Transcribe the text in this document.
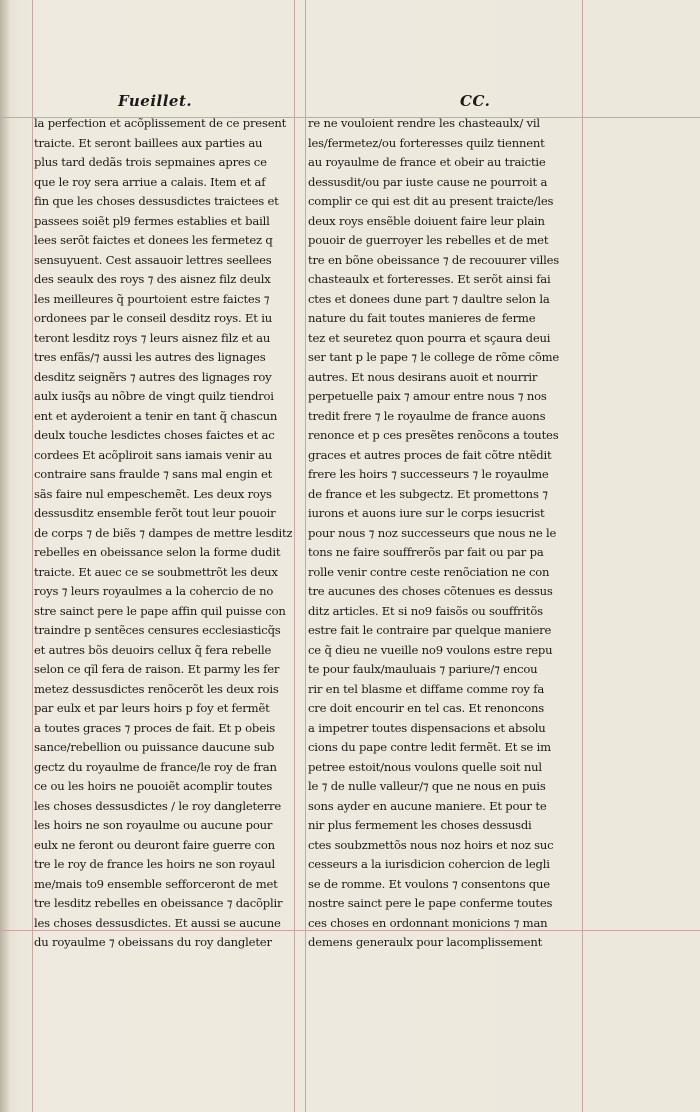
Fueillet.	CC.
la perfection et acõplissement de ce present
traicte. Et seront baillees aux parties au
plus tard dedãs trois sepmaines apres ce
que le roy sera arriue a calais. Item et af
fin que les choses dessusdictes traictees et
passees soiẽt pl9 fermes establies et baill
lees serõt faictes et donees les fermetez q
sensuyuent. Cest assauoir lettres seellees
des seaulx des roys ⁊ des aisnez filz deulx
les meilleures q̃ pourtoient estre faictes ⁊
ordonees par le conseil desditz roys. Et iu
teront lesditz roys ⁊ leurs aisnez filz et au
tres enfãs/⁊ aussi les autres des lignages
desditz seignẽrs ⁊ autres des lignages roy
aulx iusq̃s au nõbre de vingt quilz tiendroi
ent et ayderoient a tenir en tant q̃ chascun
deulx touche lesdictes choses faictes et ac
cordees Et acõpliroit sans iamais venir au
contraire sans fraulde ⁊ sans mal engin et
sãs faire nul empeschemẽt. Les deux roys
dessusditz ensemble ferõt tout leur pouoir
de corps ⁊ de biẽs ⁊ dampes de mettre lesditz
rebelles en obeissance selon la forme dudit
traicte. Et auec ce se soubmettrõt les deux
roys ⁊ leurs royaulmes a la cohercio de no
stre sainct pere le pape affin quil puisse con
traindre p sentẽces censures ecclesiasticq̃s
et autres bõs deuoirs cellux q̃ fera rebelle
selon ce qĩl fera de raison. Et parmy les fer
metez dessusdictes renõcerõt les deux rois
par eulx et par leurs hoirs p foy et fermẽt
a toutes graces ⁊ proces de fait. Et p obeis
sance/rebellion ou puissance daucune sub
gectz du royaulme de france/le roy de fran
ce ou les hoirs ne pouoiẽt acomplir toutes
les choses dessusdictes / le roy dangleterre
les hoirs ne son royaulme ou aucune pour
eulx ne feront ou deuront faire guerre con
tre le roy de france les hoirs ne son royaul
me/mais to9 ensemble sefforceront de met
tre lesditz rebelles en obeissance ⁊ dacõplir
les choses dessusdictes. Et aussi se aucune
du royaulme ⁊ obeissans du roy dangleter
re ne vouloient rendre les chasteaulx/ vil
les/fermetez/ou forteresses quilz tiennent
au royaulme de france et obeir au traictie
dessusdit/ou par iuste cause ne pourroit a
complir ce qui est dit au present traicte/les
deux roys ensẽble doiuent faire leur plain
pouoir de guerroyer les rebelles et de met
tre en bõne obeissance ⁊ de recouurer villes
chasteaulx et forteresses. Et serõt ainsi fai
ctes et donees dune part ⁊ daultre selon la
nature du fait toutes manieres de ferme
tez et seuretez quon pourra et sçaura deui
ser tant p le pape ⁊ le college de rõme cõme
autres. Et nous desirans auoit et nourrir
perpetuelle paix ⁊ amour entre nous ⁊ nos
tredit frere ⁊ le royaulme de france auons
renonce et p ces presẽtes renõcons a toutes
graces et autres proces de fait cõtre ntẽdit
frere les hoirs ⁊ successeurs ⁊ le royaulme
de france et les subgectz. Et promettons ⁊
iurons et auons iure sur le corps iesucrist
pour nous ⁊ noz successeurs que nous ne le
tons ne faire souffrerõs par fait ou par pa
rolle venir contre ceste renõciation ne con
tre aucunes des choses cõtenues es dessus
ditz articles. Et si no9 faisõs ou souffritõs
estre fait le contraire par quelque maniere
ce q̃ dieu ne vueille no9 voulons estre repu
te pour faulx/mauluais ⁊ pariure/⁊ encou
rir en tel blasme et diffame comme roy fa
cre doit encourir en tel cas. Et renoncons
a impetrer toutes dispensacions et absolu
cions du pape contre ledit fermẽt. Et se im
petree estoit/nous voulons quelle soit nul
le ⁊ de nulle valleur/⁊ que ne nous en puis
sons ayder en aucune maniere. Et pour te
nir plus fermement les choses dessusdi
ctes soubzmettõs nous noz hoirs et noz suc
cesseurs a la iurisdicion cohercion de legli
se de romme. Et voulons ⁊ consentons que
nostre sainct pere le pape conferme toutes
ces choses en ordonnant monicions ⁊ man
demens generaulx pour lacomplissement
